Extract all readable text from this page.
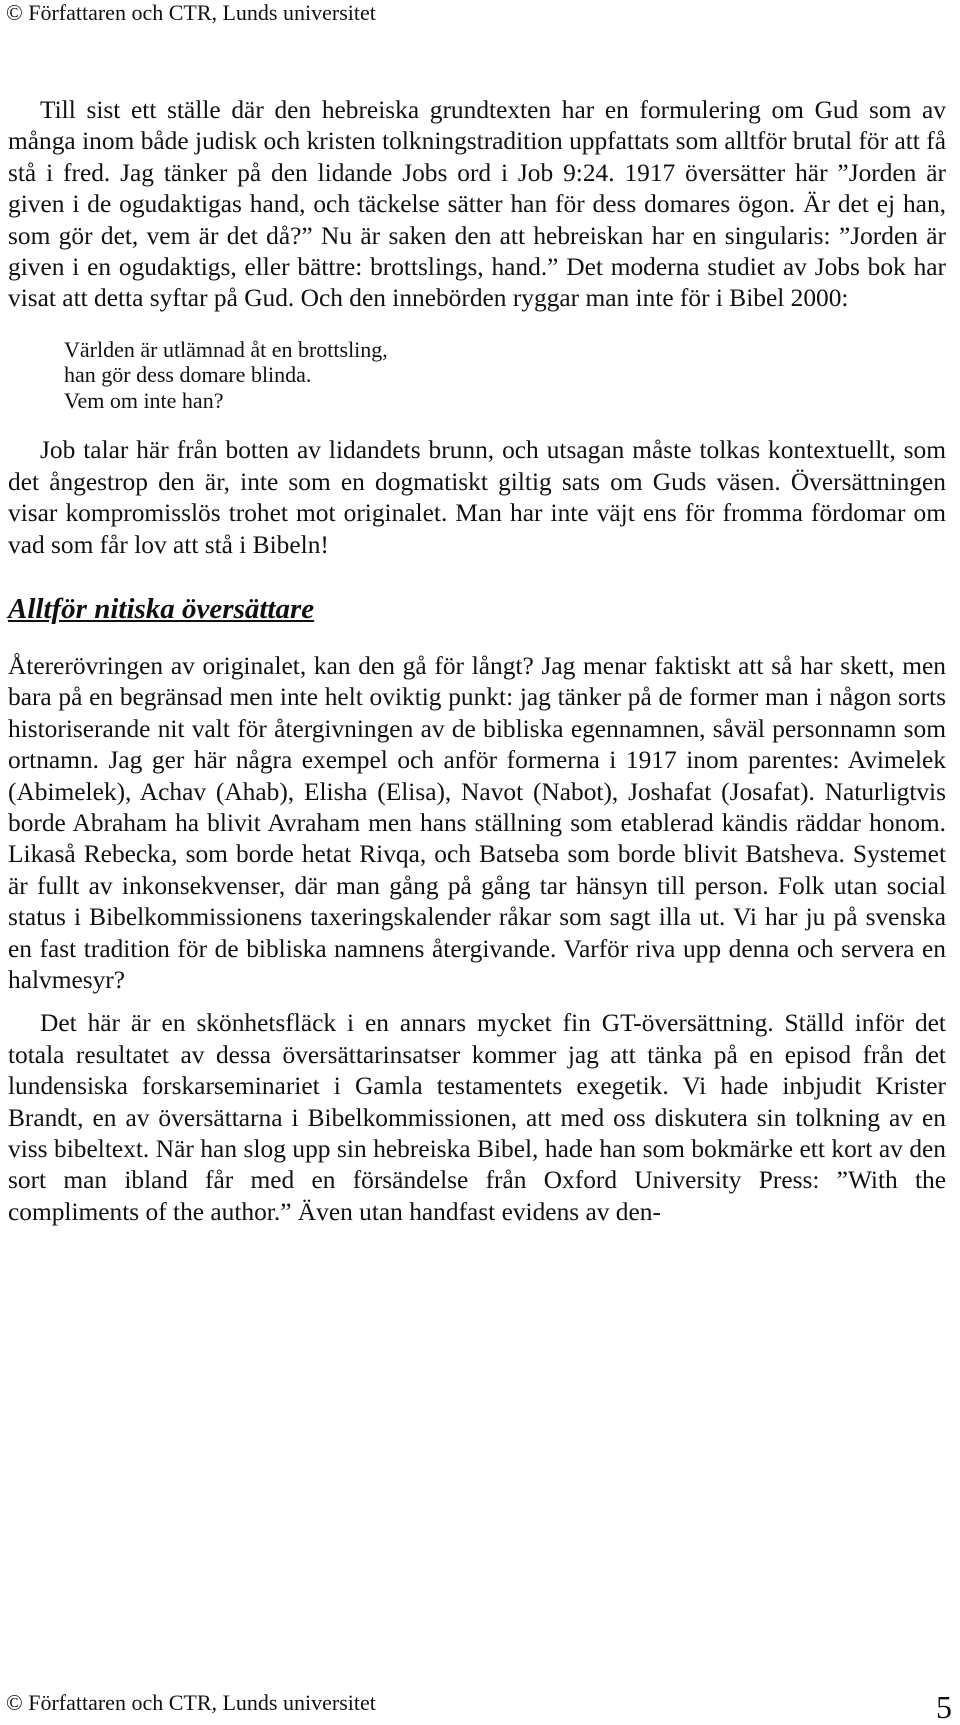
© Författaren och CTR, Lunds universitet

Till sist ett ställe där den hebreiska grundtexten har en formulering om Gud som av många inom både judisk och kristen tolkningstradition uppfattats som alltför brutal för att få stå i fred. Jag tänker på den lidande Jobs ord i Job 9:24. 1917 översätter här ”Jorden är given i de ogudaktigas hand, och täckelse sätter han för dess domares ögon. Är det ej han, som gör det, vem är det då?” Nu är saken den att hebreiskan har en singularis: ”Jorden är given i en ogudaktigs, eller bättre: brottslings, hand.” Det moderna studiet av Jobs bok har visat att detta syftar på Gud. Och den innebörden ryggar man inte för i Bibel 2000:

Världen är utlämnad åt en brottsling,
han gör dess domare blinda.
Vem om inte han?

Job talar här från botten av lidandets brunn, och utsagan måste tolkas kontextuellt, som det ångestrop den är, inte som en dogmatiskt giltig sats om Guds väsen. Översättningen visar kompromisslös trohet mot originalet. Man har inte väjt ens för fromma fördomar om vad som får lov att stå i Bibeln!

Alltför nitiska översättare

Återerövringen av originalet, kan den gå för långt? Jag menar faktiskt att så har skett, men bara på en begränsad men inte helt oviktig punkt: jag tänker på de former man i någon sorts historiserande nit valt för återgivningen av de bibliska egennamnen, såväl personnamn som ortnamn. Jag ger här några exempel och anför formerna i 1917 inom parentes: Avimelek (Abimelek), Achav (Ahab), Elisha (Elisa), Navot (Nabot), Joshafat (Josafat). Naturligtvis borde Abraham ha blivit Avraham men hans ställning som etablerad kändis räddar honom. Likaså Rebecka, som borde hetat Rivqa, och Batseba som borde blivit Batsheva. Systemet är fullt av inkonsekvenser, där man gång på gång tar hänsyn till person. Folk utan social status i Bibelkommissionens taxeringskalender råkar som sagt illa ut. Vi har ju på svenska en fast tradition för de bibliska namnens återgivande. Varför riva upp denna och servera en halvmesyr?

Det här är en skönhetsfläck i en annars mycket fin GT-översättning. Ställd inför det totala resultatet av dessa översättarinsatser kommer jag att tänka på en episod från det lundensiska forskarseminariet i Gamla testamentets exegetik. Vi hade inbjudit Krister Brandt, en av översättarna i Bibelkommissionen, att med oss diskutera sin tolkning av en viss bibeltext. När han slog upp sin hebreiska Bibel, hade han som bokmärke ett kort av den sort man ibland får med en försändelse från Oxford University Press: ”With the compliments of the author.” Även utan handfast evidens av den-

© Författaren och CTR, Lunds universitet	5
